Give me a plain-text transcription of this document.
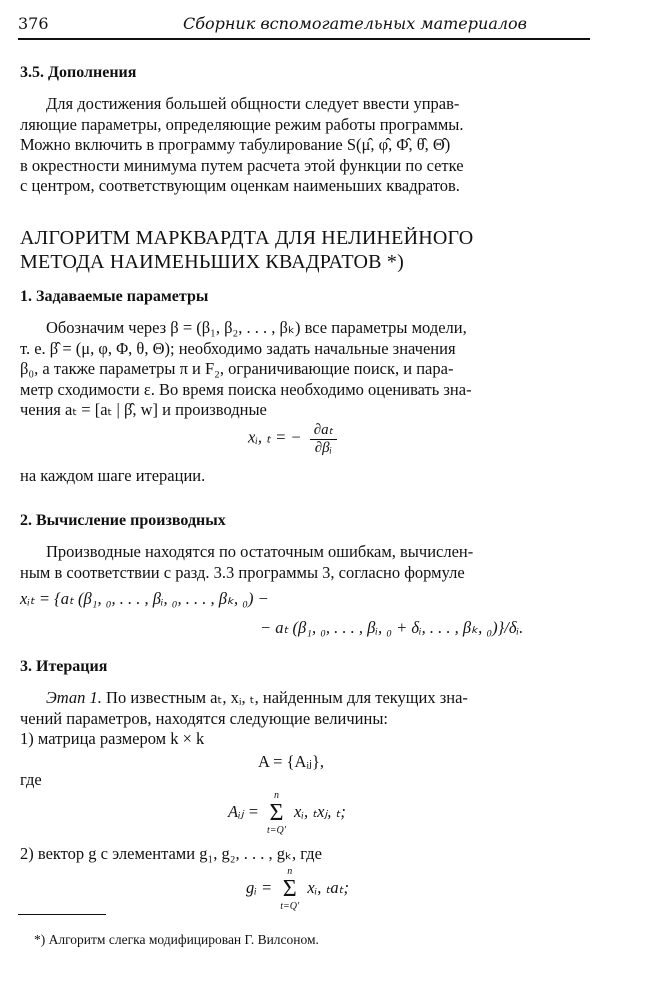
376	Сборник вспомогательных материалов
3.5. Дополнения
Для достижения большей общности следует ввести управ-
ляющие параметры, определяющие режим работы программы.
Можно включить в программу табулирование S(μ̂, φ̂, Φ̂, θ̂, Θ̂)
в окрестности минимума путем расчета этой функции по сетке
с центром, соответствующим оценкам наименьших квадратов.
АЛГОРИТМ МАРКВАРДТА ДЛЯ НЕЛИНЕЙНОГО
МЕТОДА НАИМЕНЬШИХ КВАДРАТОВ *)
1. Задаваемые параметры
Обозначим через β = (β₁, β₂, . . . , βₖ) все параметры модели,
т. е. β̂ = (μ, φ, Φ, θ, Θ); необходимо задать начальные значения
β₀, а также параметры π и F₂, ограничивающие поиск, и пара-
метр сходимости ε. Во время поиска необходимо оценивать зна-
чения aₜ = [aₜ | β̂, w] и производные
xᵢ, ₜ = − $\frac{\text{∂aₜ}}{\text{∂βᵢ}}$
на каждом шаге итерации.
2. Вычисление производных
Производные находятся по остаточным ошибкам, вычислен-
ным в соответствии с разд. 3.3 программы 3, согласно формуле
xᵢₜ = {aₜ (β₁, ₀, . . . , βᵢ, ₀, . . . , βₖ, ₀) −
− aₜ (β₁, ₀, . . . , βᵢ, ₀ + δᵢ, . . . , βₖ, ₀)}/δᵢ.
3. Итерация
Этап 1. По известным aₜ, xᵢ, ₜ, найденным для текущих зна-
чений параметров, находятся следующие величины:
1) матрица размером k × k
A = {Aᵢⱼ},
где
Aᵢⱼ =
n
Σ
t=Q′
xᵢ, ₜxⱼ, ₜ;
2) вектор g с элементами g₁, g₂, . . . , gₖ, где
gᵢ =
n
Σ
t=Q′
xᵢ, ₜaₜ;
*) Алгоритм слегка модифицирован Г. Вилсоном.
